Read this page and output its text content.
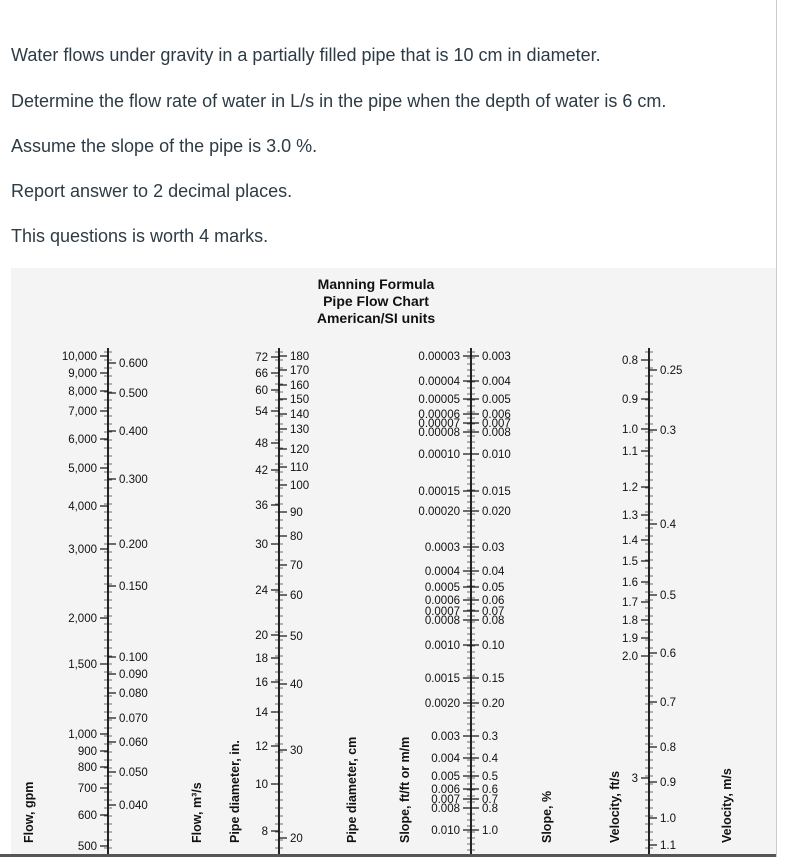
Water flows under gravity in a partially filled pipe that is 10 cm in diameter.
Determine the flow rate of water in L/s in the pipe when the depth of water is 6 cm.
Assume the slope of the pipe is 3.0 %.
Report answer to 2 decimal places.
This questions is worth 4 marks.
Manning Formula
Pipe Flow Chart
American/SI units
10,000
9,000
8,000
7,000
6,000
5,000
4,000
3,000
2,000
1,500
1,000
900
800
700
600
500
Flow, gpm
0.600
0.500
0.400
0.300
0.200
0.150
0.100
0.090
0.080
0.070
0.060
0.050
0.040	Flow, m³/s
72
66
60
54
48
42
36
30
24
20
18
16
14
12
10
8
Pipe diameter, in.
180
170
160
150
140
130
120
110
100
90
80
70
60
50
40
30
20	Pipe diameter, cm
0.00003
0.00004
0.00005
0.00006
0.00007
0.00008
0.00010
0.00015
0.00020
0.0003
0.0004
0.0005
0.0006
0.0007
0.0008
0.0010
0.0015
0.0020
0.003
0.004
0.005
0.006
0.007
0.008
0.010
Slope, ft/ft or m/m
0.003
0.004
0.005
0.006
0.007
0.008
0.010
0.015
0.020
0.03
0.04
0.05
0.06
0.07
0.08
0.10
0.15
0.20
0.3
0.4
0.5
0.6
0.7
0.8
1.0	Slope, %
0.8
0.9
1.0
1.1
1.2
1.3
1.4
1.5
1.6
1.7
1.8
1.9
2.0
3
Velocity, ft/s
0.25
0.3
0.4
0.5
0.6
0.7
0.8
0.9
1.0
1.1
Velocity, m/s
